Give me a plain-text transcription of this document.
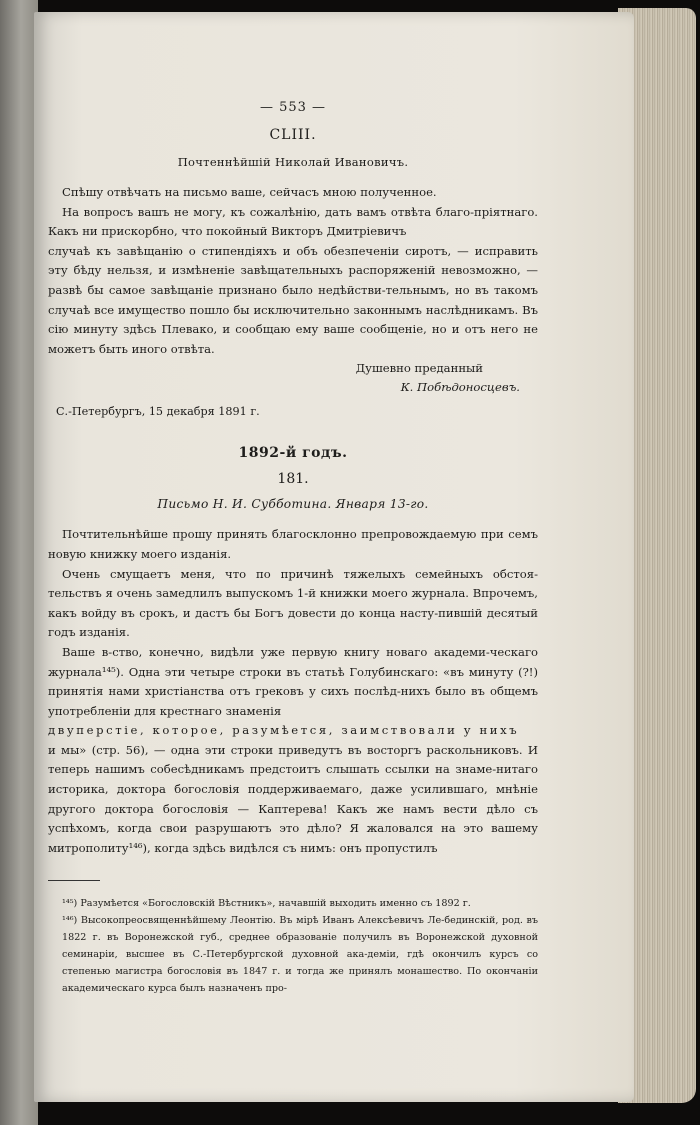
— 553 —
CLIII.
Почтеннѣйшій Николай Ивановичъ.

Спѣшу отвѣчать на письмо ваше, сейчасъ мною полученное.

На вопросъ вашъ не могу, къ сожалѣнію, дать вамъ отвѣта благо-пріятнаго. Какъ ни прискорбно, что покойный Викторъ Дмитріевичъ

случаѣ къ завѣщанію о стипендіяхъ и объ обезпеченіи сиротъ, — исправить эту бѣду нельзя, и измѣненіе завѣщательныхъ распоряженій невозможно, — развѣ бы самое завѣщаніе признано было недѣйстви-тельнымъ, но въ такомъ случаѣ все имущество пошло бы исключительно законнымъ наслѣдникамъ. Въ сію минуту здѣсь Плевако, и сообщаю ему ваше сообщеніе, но и отъ него не можетъ быть иного отвѣта.

Душевно преданный
К. Побѣдоносцевъ.
С.-Петербургъ, 15 декабря 1891 г.
1892-й годъ.
181.
Письмо Н. И. Субботина. Января 13-го.

Почтительнѣйше прошу принять благосклонно препровождаемую при семъ новую книжку моего изданія.

Очень смущаетъ меня, что по причинѣ тяжелыхъ семейныхъ обстоя-тельствъ я очень замедлилъ выпускомъ 1-й книжки моего журнала. Впрочемъ, какъ войду въ срокъ, и дастъ бы Богъ довести до конца насту-пившій десятый годъ изданія.

Ваше в-ство, конечно, видѣли уже первую книгу новаго академи-ческаго журнала¹⁴⁵). Одна эти четыре строки въ статьѣ Голубинскаго: «въ минуту (?!) принятія нами христіанства отъ грековъ у сихъ послѣд-нихъ было въ общемъ употребленіи для крестнаго знаменія

двуперстіе, которое, разумѣется, заимствовали у нихъ

и мы» (стр. 56), — одна эти строки приведутъ въ восторгъ раскольниковъ. И теперь нашимъ собесѣдникамъ предстоитъ слышать ссылки на знаме-нитаго историка, доктора богословія поддерживаемаго, даже усилившаго, мнѣніе другого доктора богословія — Каптерева! Какъ же намъ вести дѣло съ успѣхомъ, когда свои разрушаютъ это дѣло? Я жаловался на это вашему митрополиту¹⁴⁶), когда здѣсь видѣлся съ нимъ: онъ пропустилъ

¹⁴⁵) Разумѣется «Богословскій Вѣстникъ», начавшій выходить именно съ 1892 г.

¹⁴⁶) Высокопреосвященнѣйшему Леонтію. Въ мірѣ Иванъ Алексѣевичъ Ле-бединскій, род. въ 1822 г. въ Воронежской губ., среднее образованіе получилъ въ Воронежской духовной семинаріи, высшее въ С.-Петербургской духовной ака-деміи, гдѣ окончилъ курсъ со степенью магистра богословія въ 1847 г. и тогда же принялъ монашество. По окончаніи академическаго курса былъ назначенъ про-
